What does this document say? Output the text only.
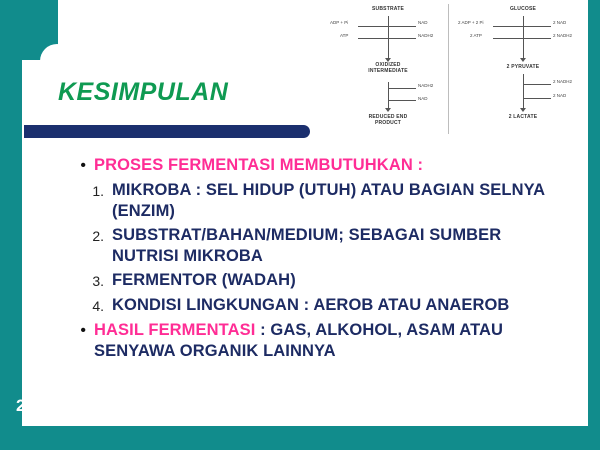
SUBSTRATE
ADP + Pi
ATP
NAD
NADH2
OXIDIZED INTERMEDIATE
NADH2
NAD
REDUCED END PRODUCT
GLUCOSE
2 ADP + 2 Pi
2 ATP
2 NAD
2 NADH2
2 PYRUVATE
2 NADH2
2 NAD
2 LACTATE
KESIMPULAN
• PROSES FERMENTASI MEMBUTUHKAN :
1. MIKROBA : SEL HIDUP (UTUH) ATAU BAGIAN SELNYA (ENZIM)
2. SUBSTRAT/BAHAN/MEDIUM; SEBAGAI SUMBER NUTRISI MIKROBA
3. FERMENTOR (WADAH)
4. KONDISI LINGKUNGAN : AEROB ATAU ANAEROB
• HASIL FERMENTASI : GAS, ALKOHOL, ASAM ATAU SENYAWA ORGANIK LAINNYA
22
